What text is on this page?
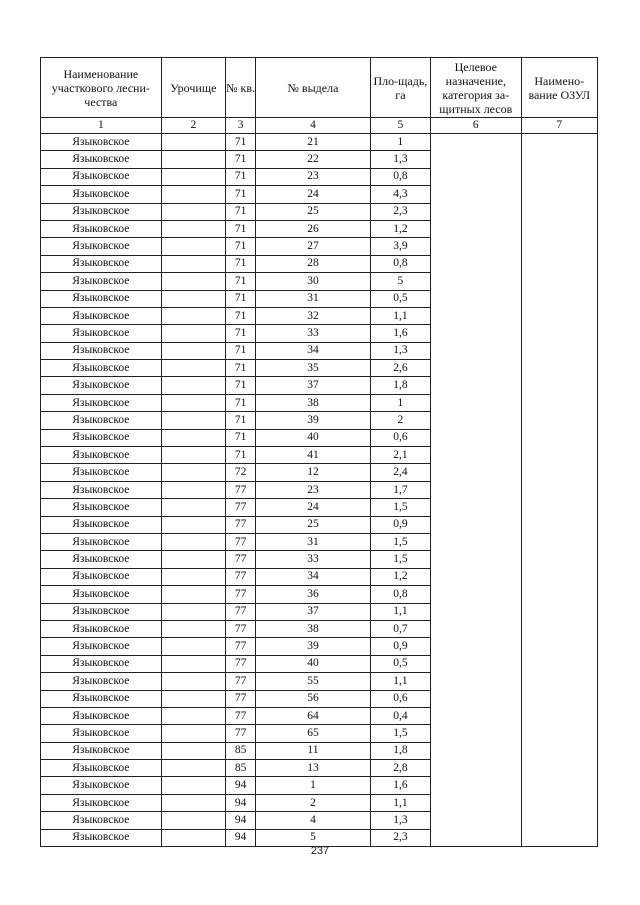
Наименование участкового лесни-чества	Урочище	№ кв.	№ выдела	Пло-щадь, га	Целевое назначение, категория за-щитных лесов	Наимено-вание ОЗУЛ
1	2	3	4	5	6	7
Языковское		71	21	1		
Языковское		71	22	1,3		
Языковское		71	23	0,8		
Языковское		71	24	4,3		
Языковское		71	25	2,3		
Языковское		71	26	1,2		
Языковское		71	27	3,9		
Языковское		71	28	0,8		
Языковское		71	30	5		
Языковское		71	31	0,5		
Языковское		71	32	1,1		
Языковское		71	33	1,6		
Языковское		71	34	1,3		
Языковское		71	35	2,6		
Языковское		71	37	1,8		
Языковское		71	38	1		
Языковское		71	39	2		
Языковское		71	40	0,6		
Языковское		71	41	2,1		
Языковское		72	12	2,4		
Языковское		77	23	1,7		
Языковское		77	24	1,5		
Языковское		77	25	0,9		
Языковское		77	31	1,5		
Языковское		77	33	1,5		
Языковское		77	34	1,2		
Языковское		77	36	0,8		
Языковское		77	37	1,1		
Языковское		77	38	0,7		
Языковское		77	39	0,9		
Языковское		77	40	0,5		
Языковское		77	55	1,1		
Языковское		77	56	0,6		
Языковское		77	64	0,4		
Языковское		77	65	1,5		
Языковское		85	11	1,8		
Языковское		85	13	2,8		
Языковское		94	1	1,6		
Языковское		94	2	1,1		
Языковское		94	4	1,3		
Языковское		94	5	2,3		
237
